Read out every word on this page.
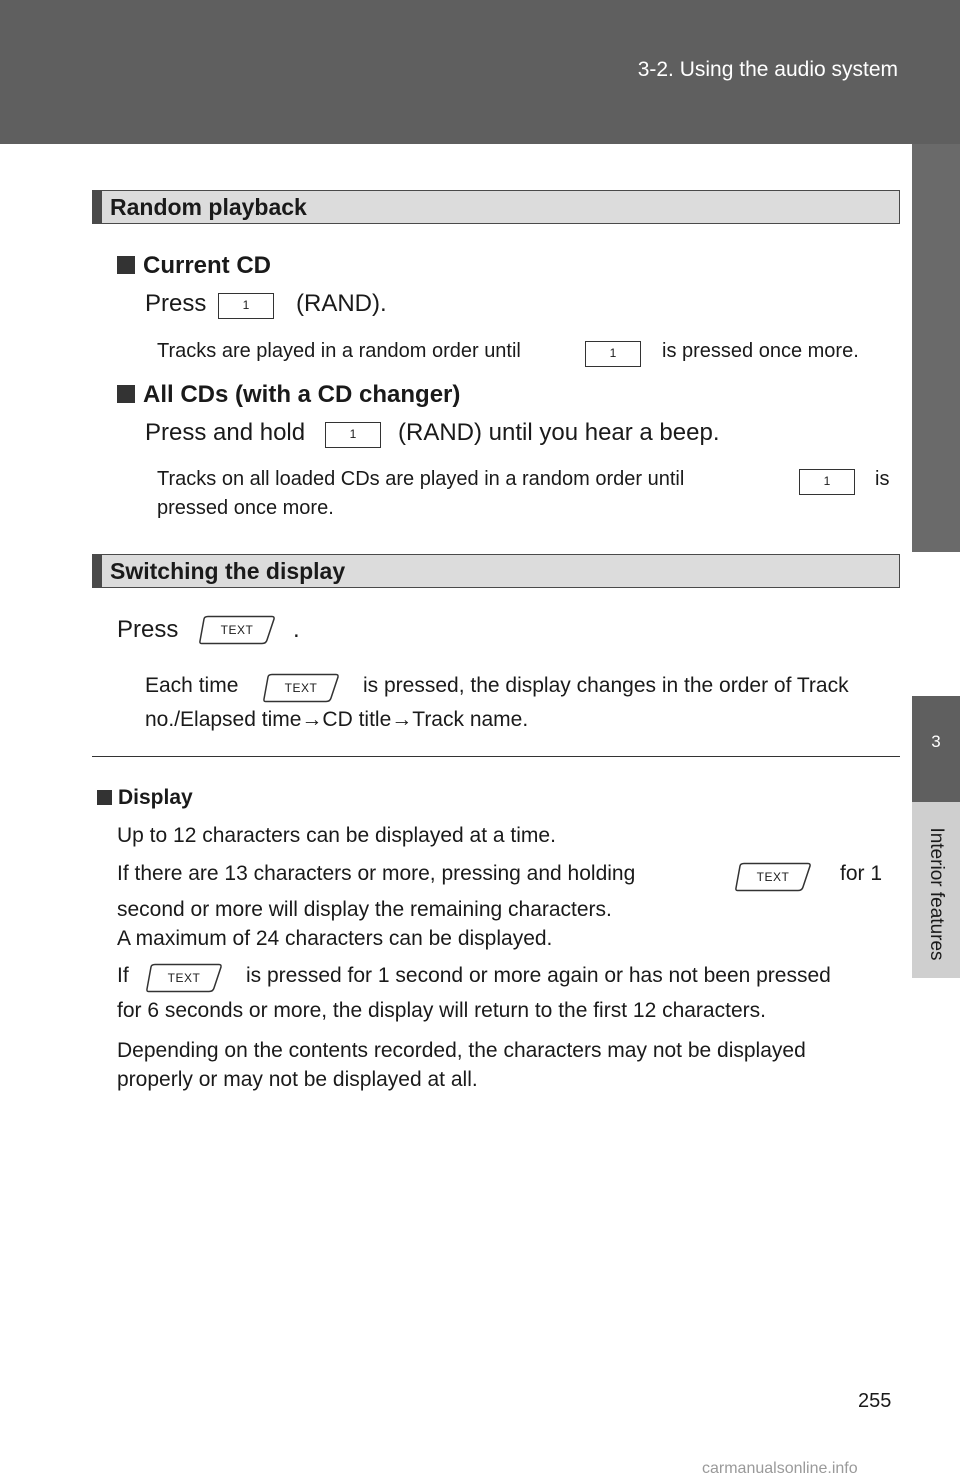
3-2. Using the audio system
3
Interior features
Random playback
Current CD
Press	1	(RAND).
Tracks are played in a random order until	1	is pressed once more.
All CDs (with a CD changer)
Press and hold	1	(RAND) until you hear a beep.
Tracks on all loaded CDs are played in a random order until	1	is
pressed once more.
Switching the display
Press	TEXT	.
Each time	TEXT	is pressed, the display changes in the order of Track
no./Elapsed time→CD title→Track name.
Display
Up to 12 characters can be displayed at a time.
If there are 13 characters or more, pressing and holding	TEXT	for 1
second or more will display the remaining characters.
A maximum of 24 characters can be displayed.
If	TEXT	is pressed for 1 second or more again or has not been pressed
for 6 seconds or more, the display will return to the first 12 characters.
Depending on the contents recorded, the characters may not be displayed
properly or may not be displayed at all.
255
carmanualsonline.info
